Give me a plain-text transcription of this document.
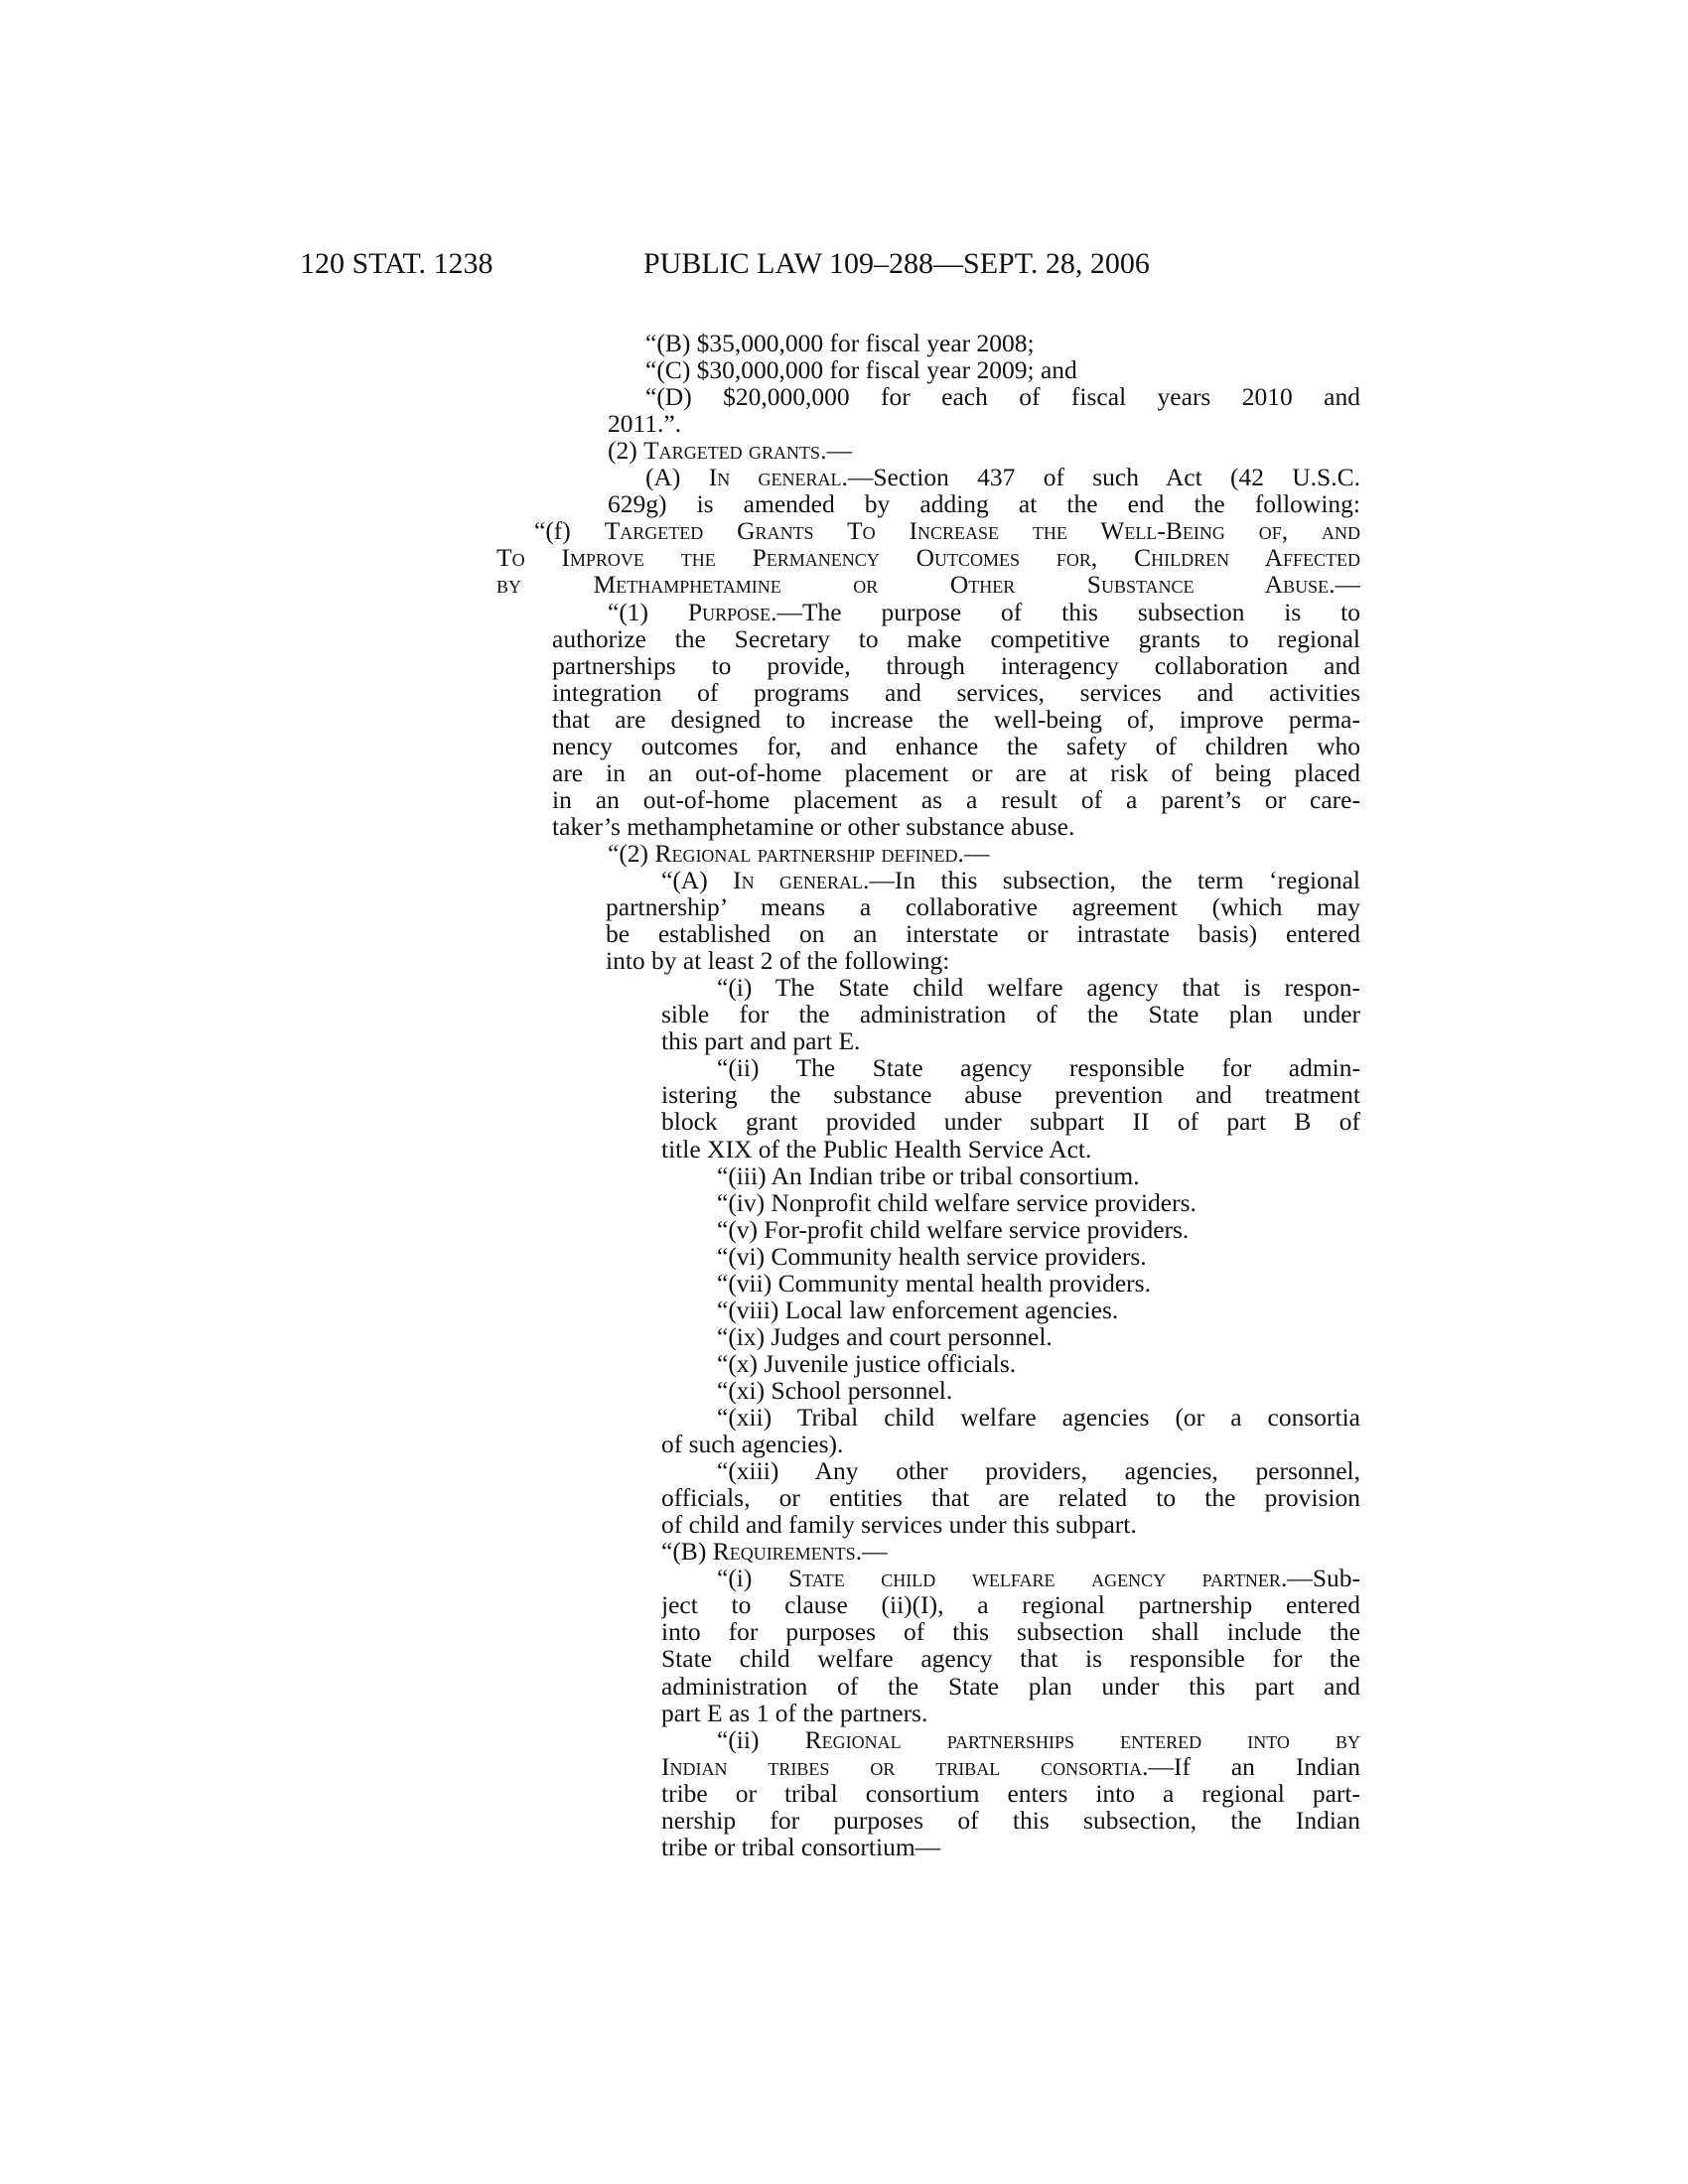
120 STAT. 1238	PUBLIC LAW 109–288—SEPT. 28, 2006
“(B) $35,000,000 for fiscal year 2008;
“(C) $30,000,000 for fiscal year 2009; and
“(D) $20,000,000 for each of fiscal years 2010 and
2011.”.
(2) Targeted grants.—
(A) In general.—Section 437 of such Act (42 U.S.C.
629g) is amended by adding at the end the following:
“(f) Targeted Grants To Increase the Well-Being of, and
To Improve the Permanency Outcomes for, Children Affected
by Methamphetamine or Other Substance Abuse.—
“(1) Purpose.—The purpose of this subsection is to
authorize the Secretary to make competitive grants to regional
partnerships to provide, through interagency collaboration and
integration of programs and services, services and activities
that are designed to increase the well-being of, improve perma-
nency outcomes for, and enhance the safety of children who
are in an out-of-home placement or are at risk of being placed
in an out-of-home placement as a result of a parent’s or care-
taker’s methamphetamine or other substance abuse.
“(2) Regional partnership defined.—
“(A) In general.—In this subsection, the term ‘regional
partnership’ means a collaborative agreement (which may
be established on an interstate or intrastate basis) entered
into by at least 2 of the following:
“(i) The State child welfare agency that is respon-
sible for the administration of the State plan under
this part and part E.
“(ii) The State agency responsible for admin-
istering the substance abuse prevention and treatment
block grant provided under subpart II of part B of
title XIX of the Public Health Service Act.
“(iii) An Indian tribe or tribal consortium.
“(iv) Nonprofit child welfare service providers.
“(v) For-profit child welfare service providers.
“(vi) Community health service providers.
“(vii) Community mental health providers.
“(viii) Local law enforcement agencies.
“(ix) Judges and court personnel.
“(x) Juvenile justice officials.
“(xi) School personnel.
“(xii) Tribal child welfare agencies (or a consortia
of such agencies).
“(xiii) Any other providers, agencies, personnel,
officials, or entities that are related to the provision
of child and family services under this subpart.
“(B) Requirements.—
“(i) State child welfare agency partner.—Sub-
ject to clause (ii)(I), a regional partnership entered
into for purposes of this subsection shall include the
State child welfare agency that is responsible for the
administration of the State plan under this part and
part E as 1 of the partners.
“(ii) Regional partnerships entered into by
Indian tribes or tribal consortia.—If an Indian
tribe or tribal consortium enters into a regional part-
nership for purposes of this subsection, the Indian
tribe or tribal consortium—
